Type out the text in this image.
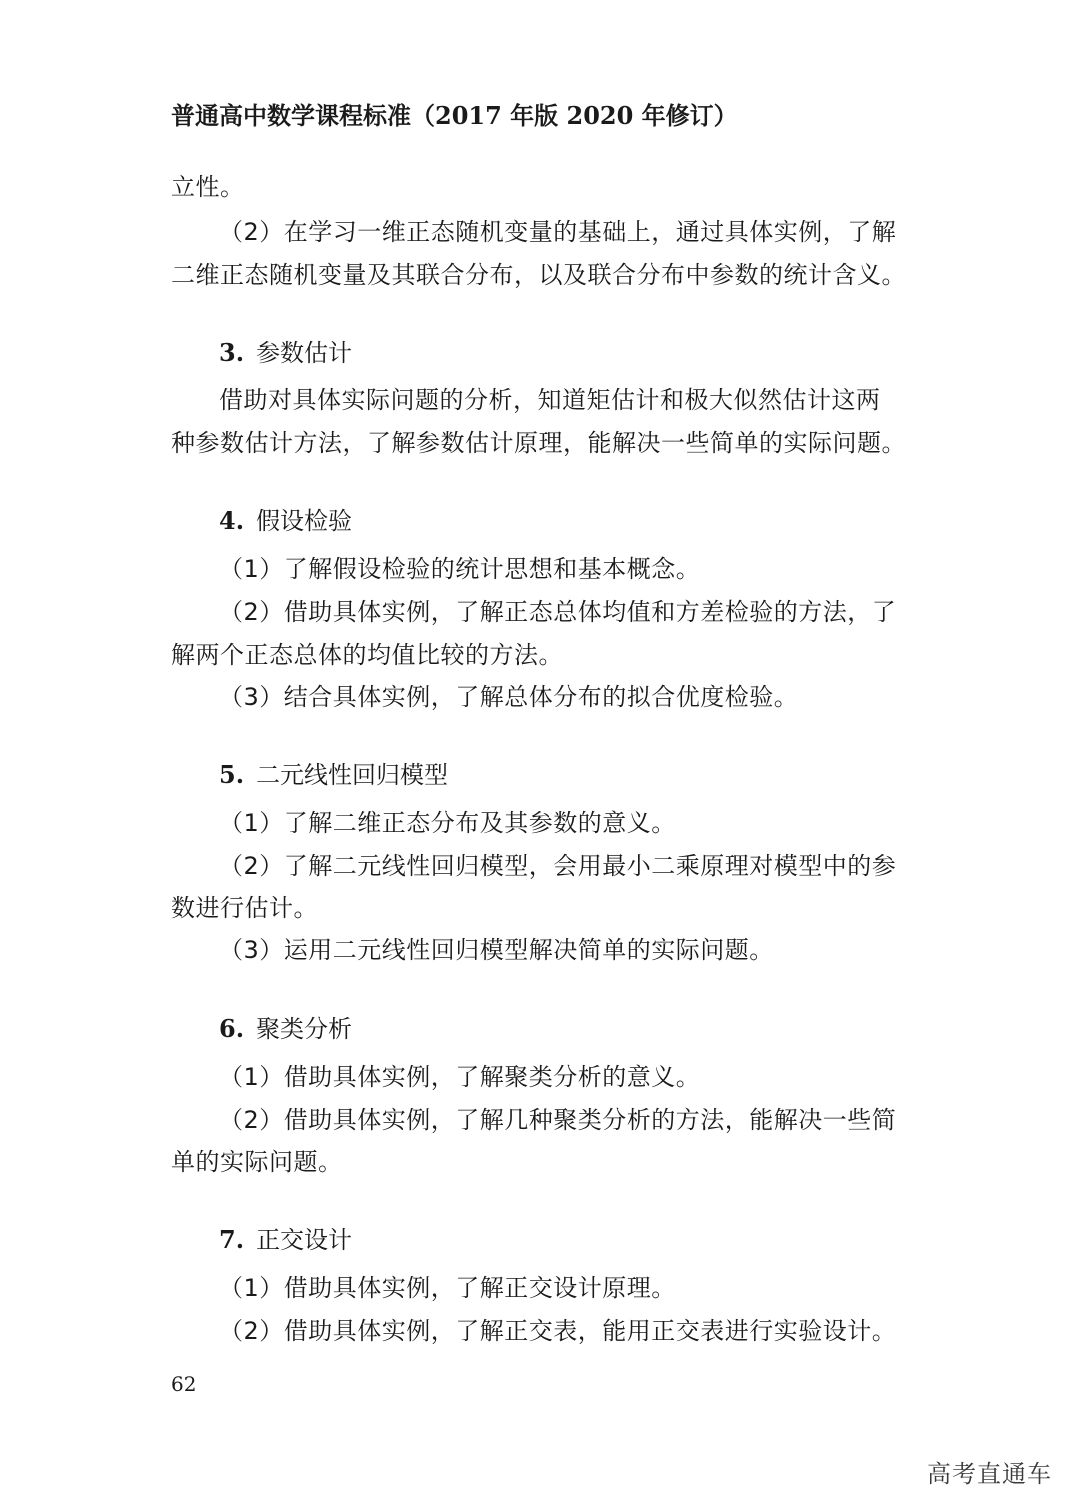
普通高中数学课程标准（2017 年版 2020 年修订）
立性。
（2）在学习一维正态随机变量的基础上，通过具体实例，了解
二维正态随机变量及其联合分布，以及联合分布中参数的统计含义。
3. 参数估计
借助对具体实际问题的分析，知道矩估计和极大似然估计这两
种参数估计方法，了解参数估计原理，能解决一些简单的实际问题。
4. 假设检验
（1）了解假设检验的统计思想和基本概念。
（2）借助具体实例，了解正态总体均值和方差检验的方法，了
解两个正态总体的均值比较的方法。
（3）结合具体实例，了解总体分布的拟合优度检验。
5. 二元线性回归模型
（1）了解二维正态分布及其参数的意义。
（2）了解二元线性回归模型，会用最小二乘原理对模型中的参
数进行估计。
（3）运用二元线性回归模型解决简单的实际问题。
6. 聚类分析
（1）借助具体实例，了解聚类分析的意义。
（2）借助具体实例，了解几种聚类分析的方法，能解决一些简
单的实际问题。
7. 正交设计
（1）借助具体实例，了解正交设计原理。
（2）借助具体实例，了解正交表，能用正交表进行实验设计。
62
高考直通车
